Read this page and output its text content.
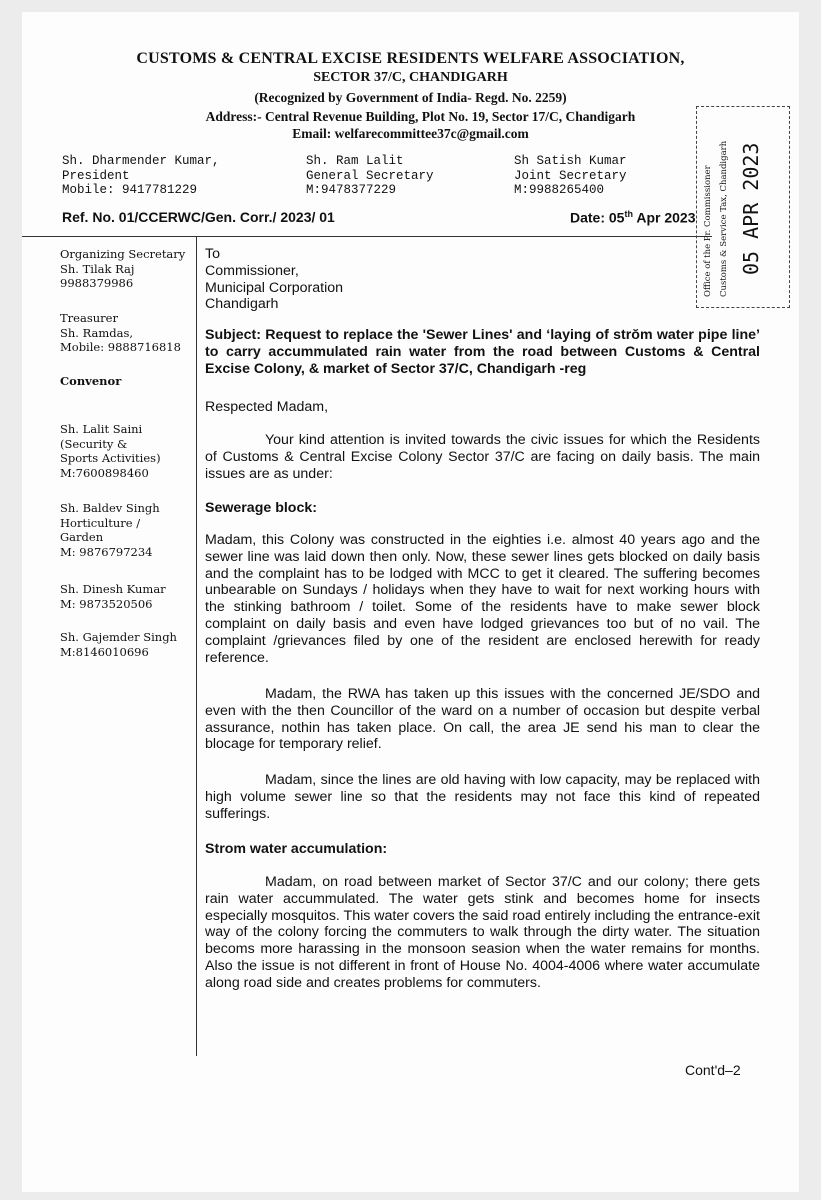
CUSTOMS & CENTRAL EXCISE RESIDENTS WELFARE ASSOCIATION,
SECTOR 37/C, CHANDIGARH
(Recognized by Government of India- Regd. No. 2259)
Address:- Central Revenue Building, Plot No. 19, Sector 17/C, Chandigarh
Email: welfarecommittee37c@gmail.com
Sh. Dharmender Kumar,
President
Mobile: 9417781229
Sh. Ram Lalit
General Secretary
M:9478377229
Sh Satish Kumar
Joint Secretary
M:9988265400
Ref. No. 01/CCERWC/Gen. Corr./ 2023/ 01	Date: 05th Apr 2023 Office of the Pr. Commissioner Customs & Service Tax, Chandigarh 05 APR 2023
Organizing Secretary
Sh. Tilak Raj
9988379986
Treasurer
Sh. Ramdas,
Mobile: 9888716818
Convenor
Sh. Lalit Saini
(Security &
Sports Activities)
M:7600898460
Sh. Baldev Singh
Horticulture /
Garden
M: 9876797234
Sh. Dinesh Kumar
M: 9873520506
Sh. Gajemder Singh
M:8146010696
To
Commissioner,
Municipal Corporation
Chandigarh
Subject: Request to replace the 'Sewer Lines' and ‘laying of strŏm water pipe line’ to carry accummulated rain water from the road between Customs & Central Excise Colony, & market of Sector 37/C, Chandigarh -reg
Respected Madam,
Your kind attention is invited towards the civic issues for which the Residents of Customs & Central Excise Colony Sector 37/C are facing on daily basis. The main issues are as under:
Sewerage block:
Madam, this Colony was constructed in the eighties i.e. almost 40 years ago and the sewer line was laid down then only. Now, these sewer lines gets blocked on daily basis and the complaint has to be lodged with MCC to get it cleared. The suffering becomes unbearable on Sundays / holidays when they have to wait for next working hours with the stinking bathroom / toilet. Some of the residents have to make sewer block complaint on daily basis and even have lodged grievances too but of no vail. The complaint /grievances filed by one of the resident are enclosed herewith for ready reference.
Madam, the RWA has taken up this issues with the concerned JE/SDO and even with the then Councillor of the ward on a number of occasion but despite verbal assurance, nothin has taken place. On call, the area JE send his man to clear the blocage for temporary relief.
Madam, since the lines are old having with low capacity, may be replaced with high volume sewer line so that the residents may not face this kind of repeated sufferings.
Strom water accumulation:
Madam, on road between market of Sector 37/C and our colony; there gets rain water accummulated. The water gets stink and becomes home for insects especially mosquitos. This water covers the said road entirely including the entrance-exit way of the colony forcing the commuters to walk through the dirty water. The situation becoms more harassing in the monsoon seasion when the water remains for months. Also the issue is not different in front of House No. 4004-4006 where water accumulate along road side and creates problems for commuters.
Cont'd–2
